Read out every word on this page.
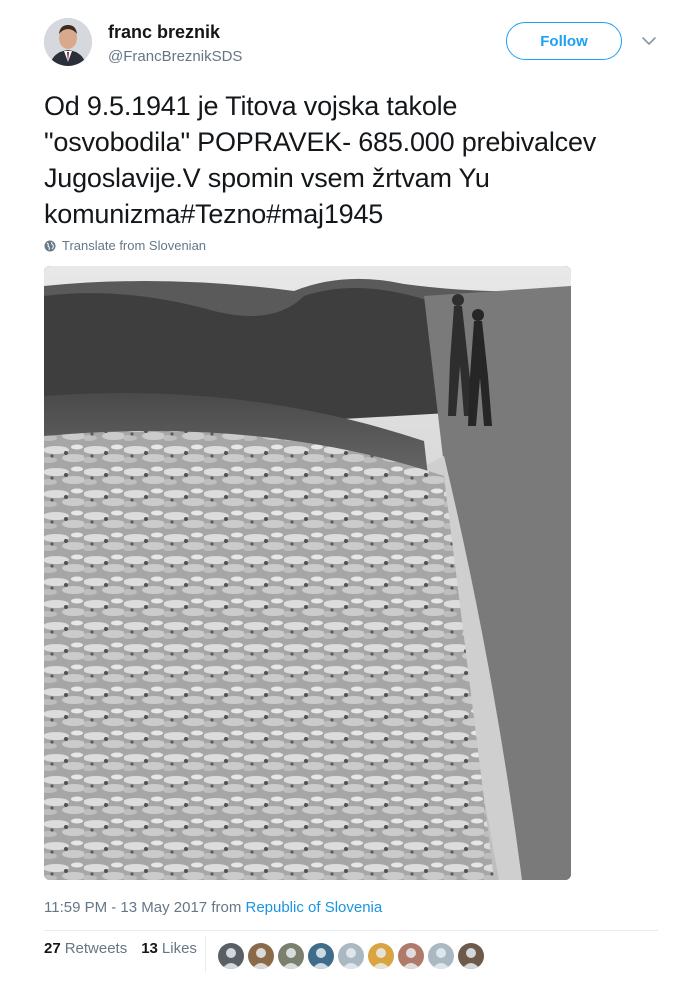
franc breznik
@FrancBreznikSDS
Follow
Od 9.5.1941 je Titova vojska takole
"osvobodila" POPRAVEK- 685.000 prebivalcev
Jugoslavije.V spomin vsem žrtvam Yu
komunizma#Tezno#maj1945
Translate from Slovenian
11:59 PM - 13 May 2017 from Republic of Slovenia
27 Retweets 13 Likes
